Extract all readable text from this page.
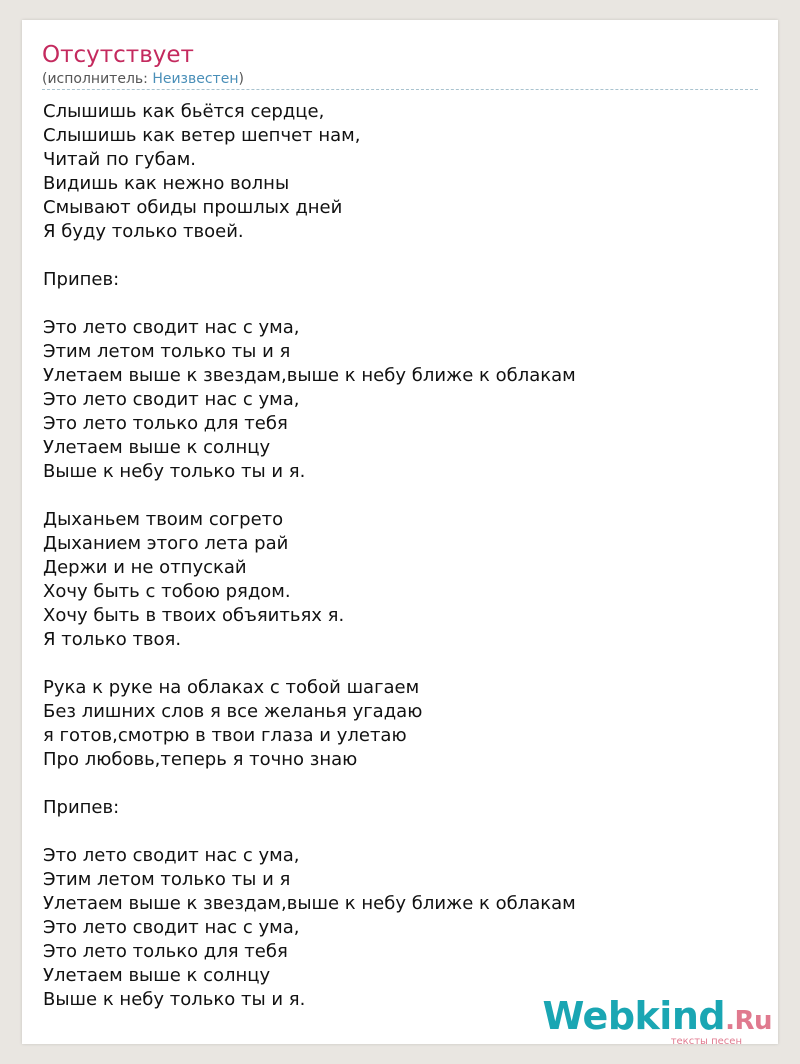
Отсутствует
(исполнитель: Неизвестен)
Слышишь как бьётся сердце,
Слышишь как ветер шепчет нам,
Читай по губам.
Видишь как нежно волны
Смывают обиды прошлых дней
Я буду только твоей.
Припев:
Это лето сводит нас с ума,
Этим летом только ты и я
Улетаем выше к звездам,выше к небу ближе к облакам
Это лето сводит нас с ума,
Это лето только для тебя
Улетаем выше к солнцу
Выше к небу только ты и я.
Дыханьем твоим согрето
Дыханием этого лета рай
Держи и не отпускай
Хочу быть с тобою рядом.
Хочу быть в твоих объяитьях я.
Я только твоя.
Рука к руке на облаках с тобой шагаем
Без лишних слов я все желанья угадаю
я готов,смотрю в твои глаза и улетаю
Про любовь,теперь я точно знаю
Припев:
Это лето сводит нас с ума,
Этим летом только ты и я
Улетаем выше к звездам,выше к небу ближе к облакам
Это лето сводит нас с ума,
Это лето только для тебя
Улетаем выше к солнцу
Выше к небу только ты и я.	Webkind.Ru
тексты песен
